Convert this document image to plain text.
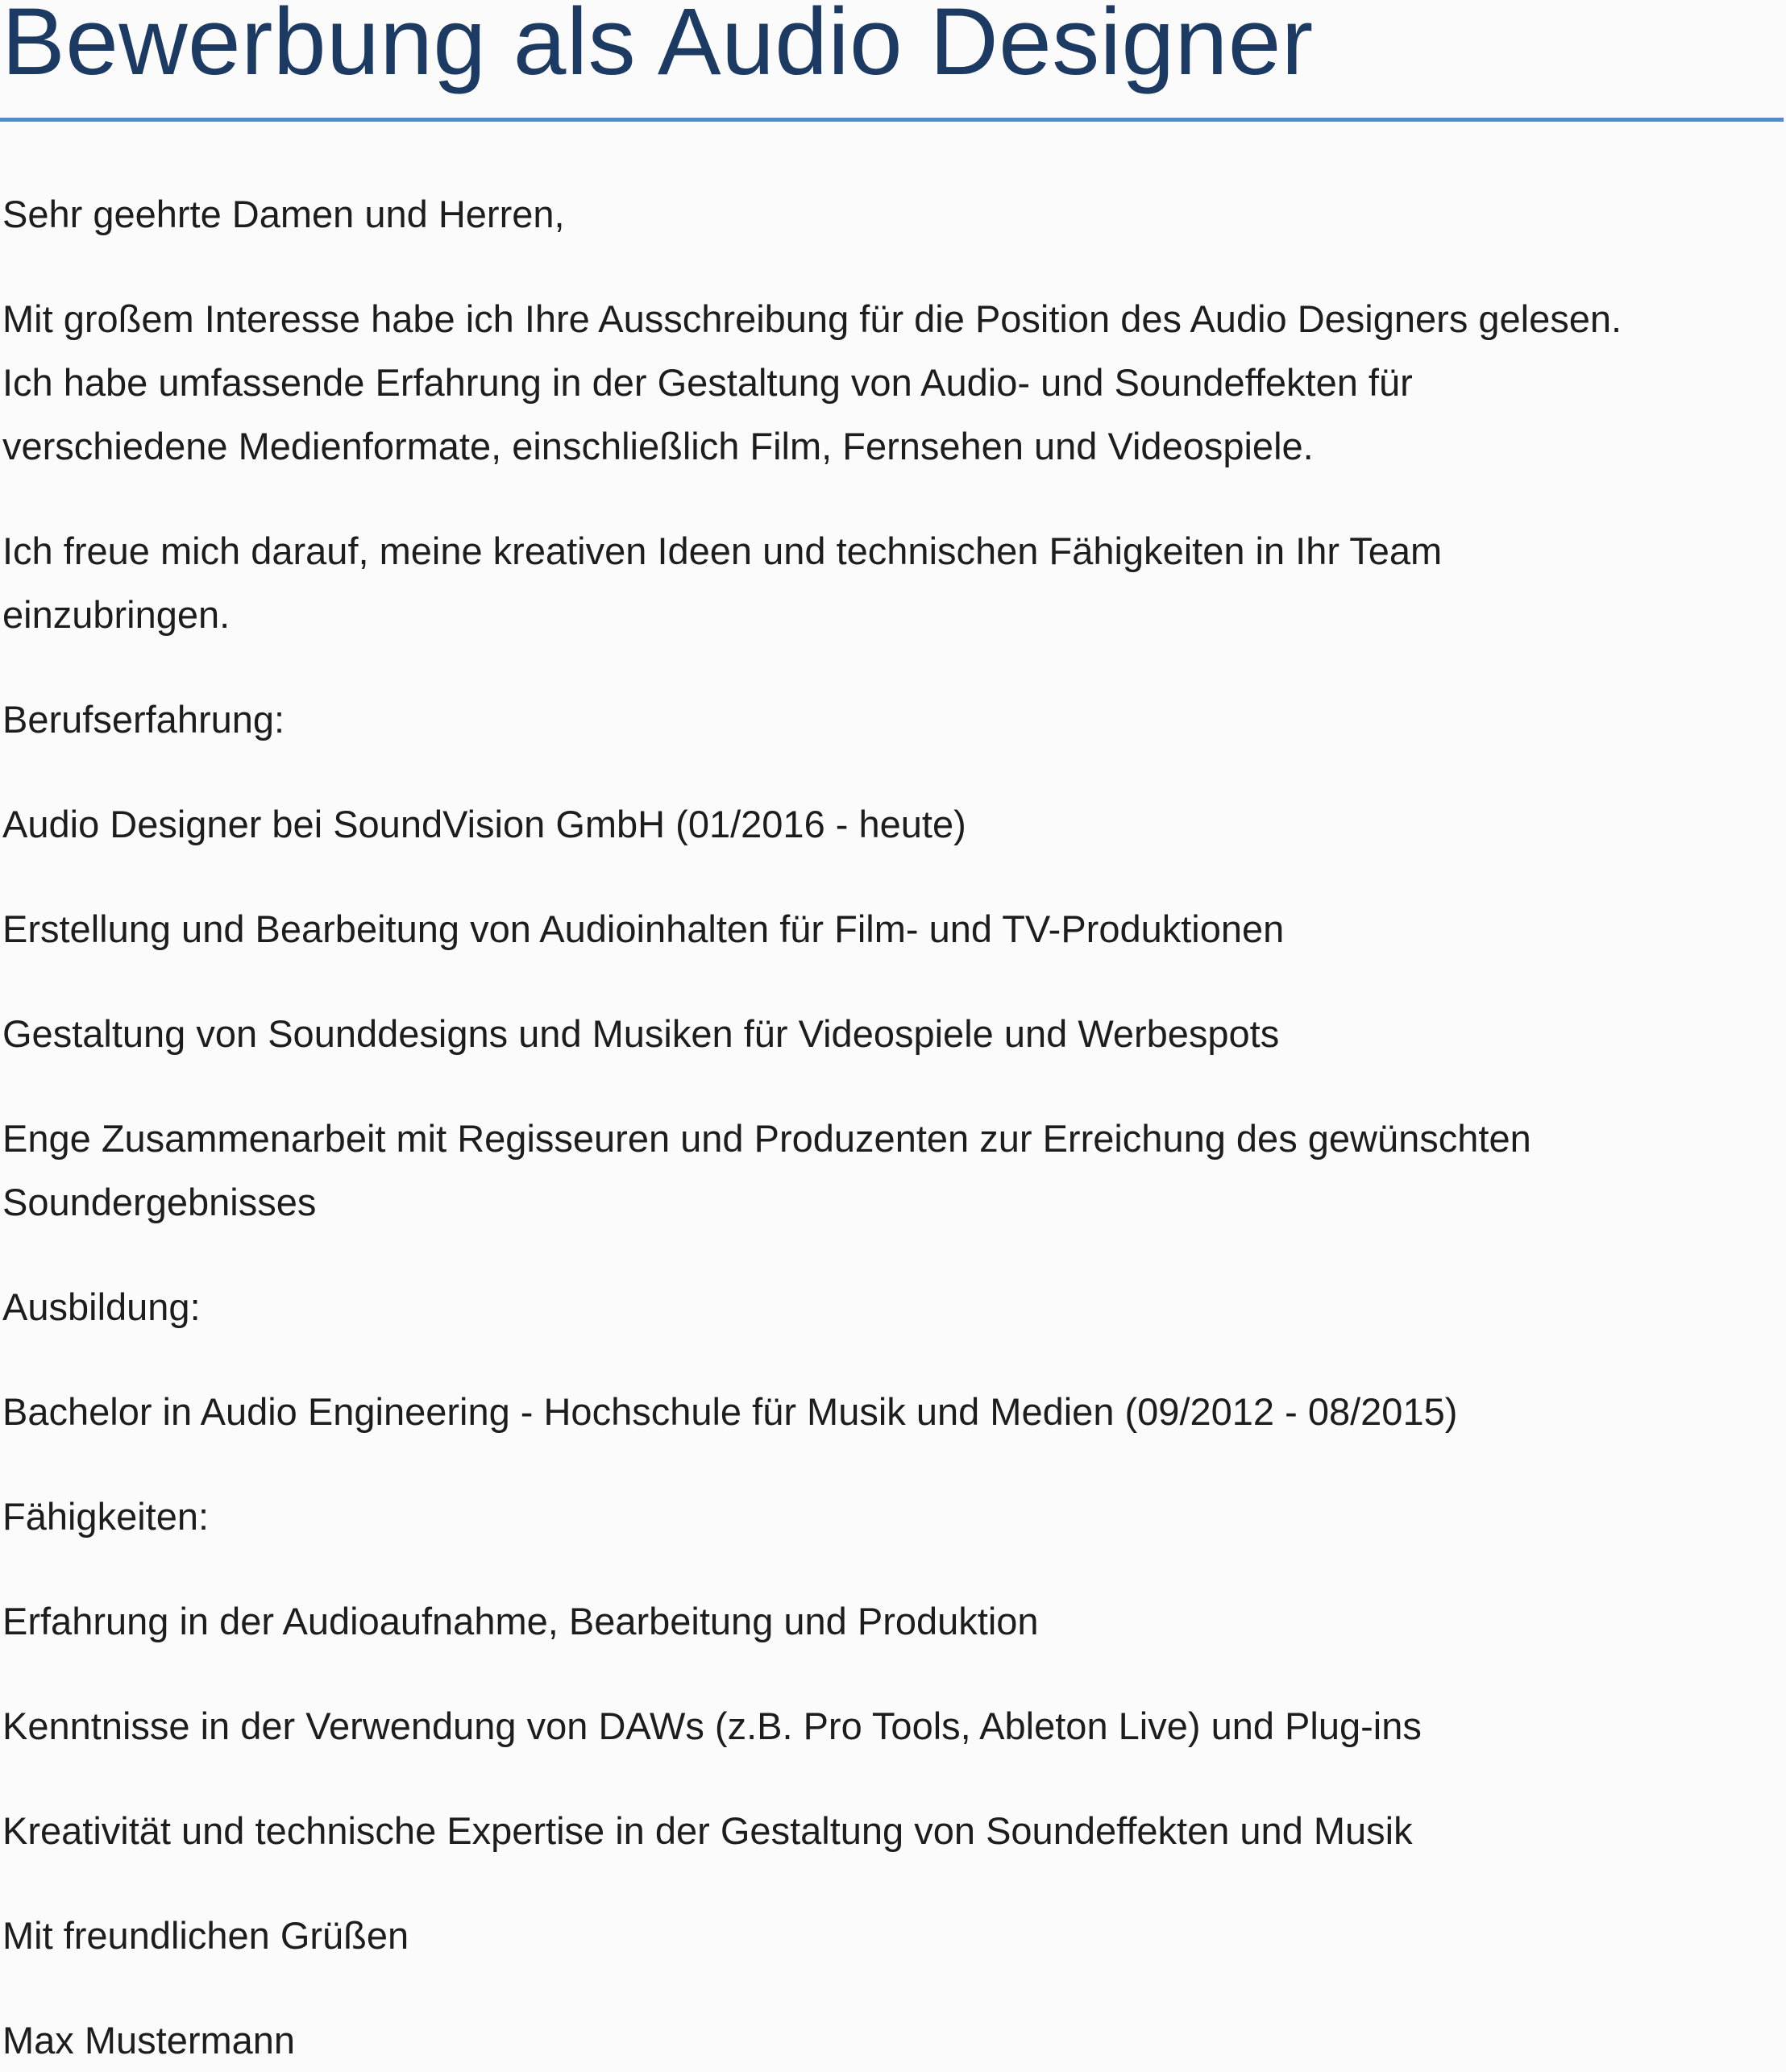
Bewerbung als Audio Designer

Sehr geehrte Damen und Herren,

Mit großem Interesse habe ich Ihre Ausschreibung für die Position des Audio Designers gelesen.
Ich habe umfassende Erfahrung in der Gestaltung von Audio- und Soundeffekten für
verschiedene Medienformate, einschließlich Film, Fernsehen und Videospiele.

Ich freue mich darauf, meine kreativen Ideen und technischen Fähigkeiten in Ihr Team
einzubringen.

Berufserfahrung:

Audio Designer bei SoundVision GmbH (01/2016 - heute)

Erstellung und Bearbeitung von Audioinhalten für Film- und TV-Produktionen

Gestaltung von Sounddesigns und Musiken für Videospiele und Werbespots

Enge Zusammenarbeit mit Regisseuren und Produzenten zur Erreichung des gewünschten
Soundergebnisses

Ausbildung:

Bachelor in Audio Engineering - Hochschule für Musik und Medien (09/2012 - 08/2015)

Fähigkeiten:

Erfahrung in der Audioaufnahme, Bearbeitung und Produktion

Kenntnisse in der Verwendung von DAWs (z.B. Pro Tools, Ableton Live) und Plug-ins

Kreativität und technische Expertise in der Gestaltung von Soundeffekten und Musik

Mit freundlichen Grüßen

Max Mustermann
